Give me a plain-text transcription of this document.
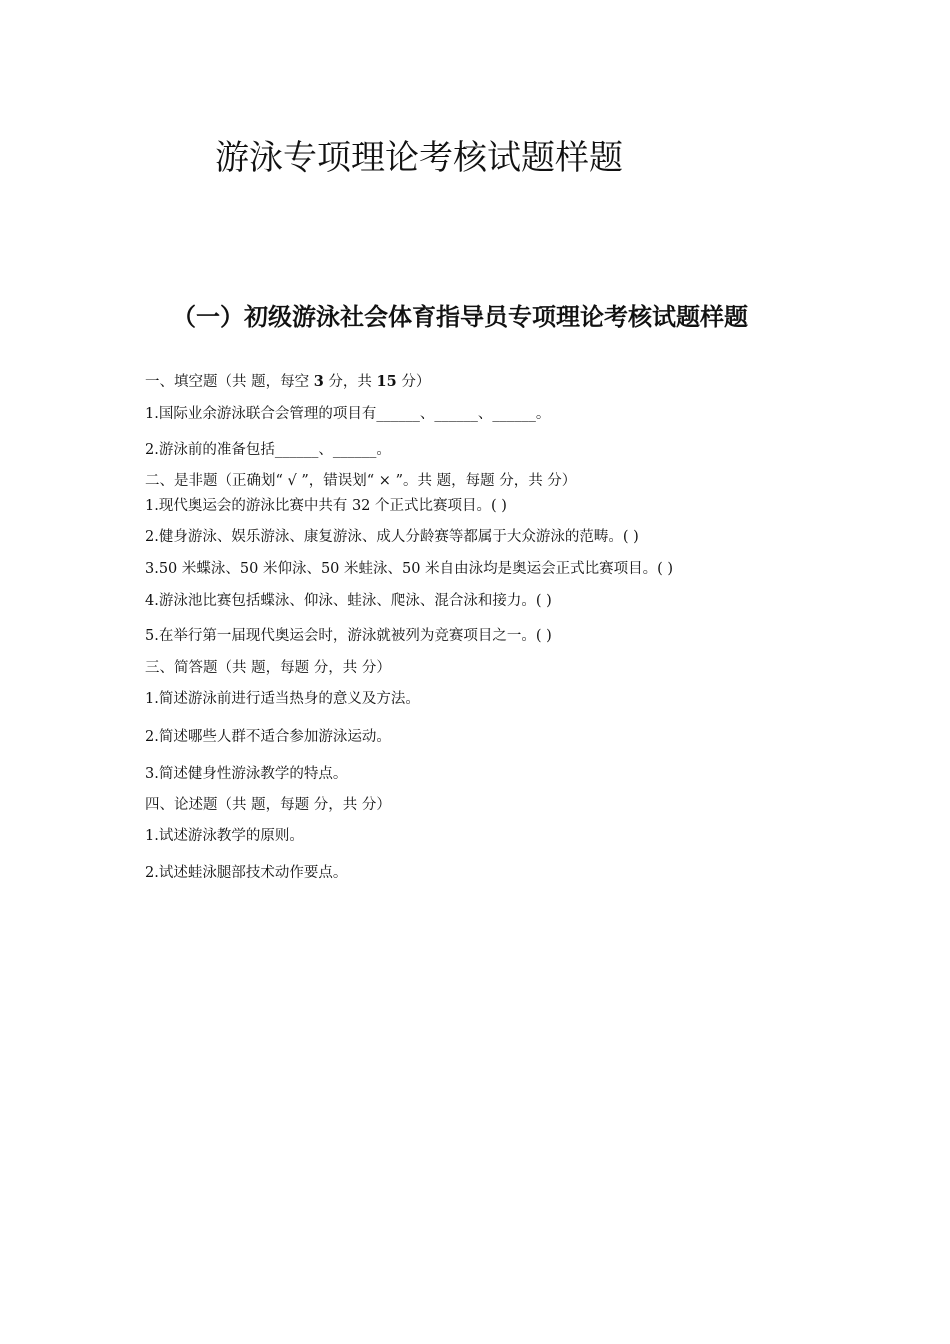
游泳专项理论考核试题样题
（一）初级游泳社会体育指导员专项理论考核试题样题
一、填空题（共 题，每空 3 分，共 15 分）
1.国际业余游泳联合会管理的项目有______、______、______。
2.游泳前的准备包括______、______。
二、是非题（正确划“ √ ”，错误划“ × ”。共 题，每题 分，共 分）
1.现代奥运会的游泳比赛中共有 32 个正式比赛项目。( )
2.健身游泳、娱乐游泳、康复游泳、成人分龄赛等都属于大众游泳的范畴。( )
3.50 米蝶泳、50 米仰泳、50 米蛙泳、50 米自由泳均是奥运会正式比赛项目。( )
4.游泳池比赛包括蝶泳、仰泳、蛙泳、爬泳、混合泳和接力。( )
5.在举行第一届现代奥运会时，游泳就被列为竞赛项目之一。( )
三、简答题（共 题，每题 分，共 分）
1.简述游泳前进行适当热身的意义及方法。
2.简述哪些人群不适合参加游泳运动。
3.简述健身性游泳教学的特点。
四、论述题（共 题，每题 分，共 分）
1.试述游泳教学的原则。
2.试述蛙泳腿部技术动作要点。
